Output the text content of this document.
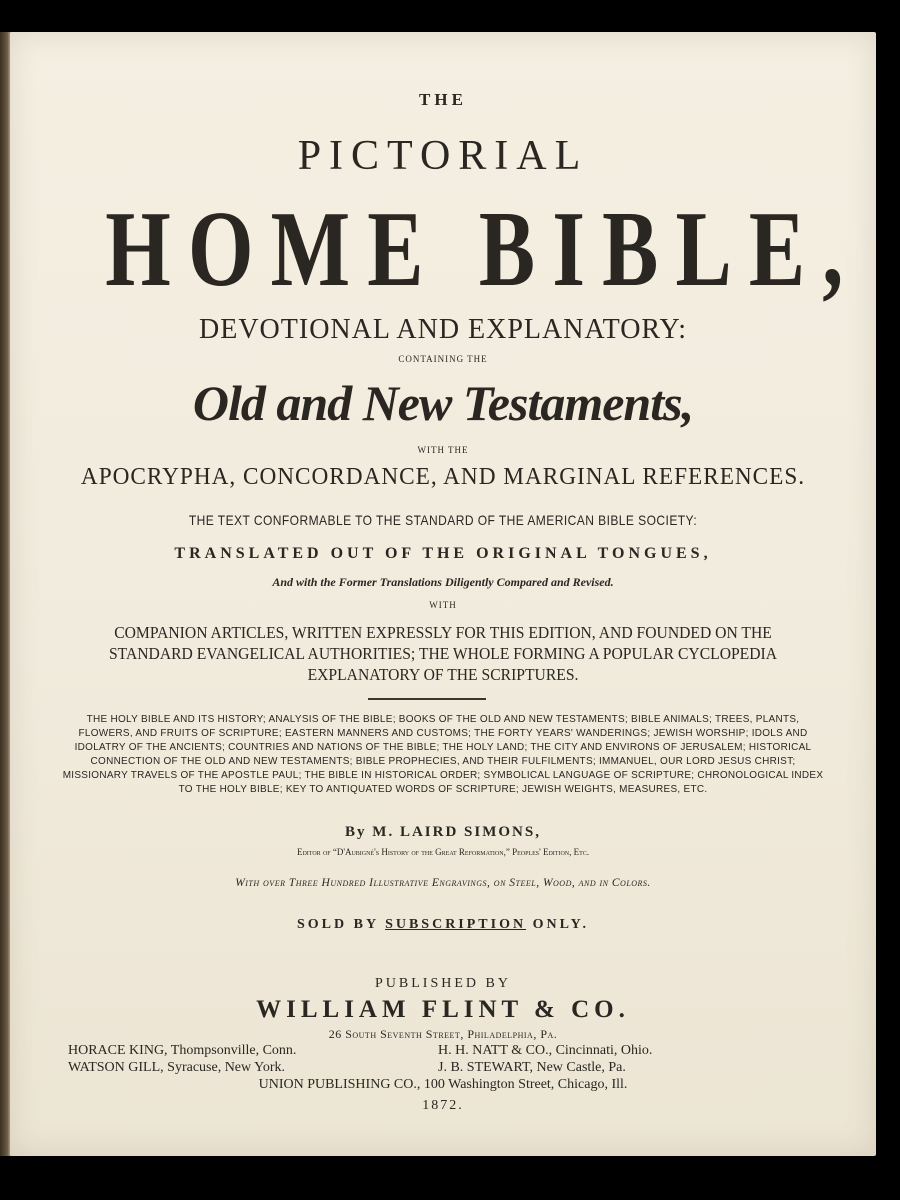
THE
PICTORIAL
HOME BIBLE,
DEVOTIONAL AND EXPLANATORY:
CONTAINING THE
Old and New Testaments,
WITH THE
APOCRYPHA, CONCORDANCE, AND MARGINAL REFERENCES.
THE TEXT CONFORMABLE TO THE STANDARD OF THE AMERICAN BIBLE SOCIETY:
TRANSLATED OUT OF THE ORIGINAL TONGUES,
And with the Former Translations Diligently Compared and Revised.
WITH
COMPANION ARTICLES, WRITTEN EXPRESSLY FOR THIS EDITION, AND FOUNDED ON THE STANDARD EVANGELICAL AUTHORITIES; THE WHOLE FORMING A POPULAR CYCLOPEDIA EXPLANATORY OF THE SCRIPTURES.
THE HOLY BIBLE AND ITS HISTORY; ANALYSIS OF THE BIBLE; BOOKS OF THE OLD AND NEW TESTAMENTS; BIBLE ANIMALS; TREES, PLANTS, FLOWERS, AND FRUITS OF SCRIPTURE; EASTERN MANNERS AND CUSTOMS; THE FORTY YEARS' WANDERINGS; JEWISH WORSHIP; IDOLS AND IDOLATRY OF THE ANCIENTS; COUNTRIES AND NATIONS OF THE BIBLE; THE HOLY LAND; THE CITY AND ENVIRONS OF JERUSALEM; HISTORICAL CONNECTION OF THE OLD AND NEW TESTAMENTS; BIBLE PROPHECIES, AND THEIR FULFILMENTS; IMMANUEL, OUR LORD JESUS CHRIST; MISSIONARY TRAVELS OF THE APOSTLE PAUL; THE BIBLE IN HISTORICAL ORDER; SYMBOLICAL LANGUAGE OF SCRIPTURE; CHRONOLOGICAL INDEX TO THE HOLY BIBLE; KEY TO ANTIQUATED WORDS OF SCRIPTURE; JEWISH WEIGHTS, MEASURES, ETC.
By M. LAIRD SIMONS,
Editor of “D'Aubigné's History of the Great Reformation,” Peoples' Edition, Etc.
With over Three Hundred Illustrative Engravings, on Steel, Wood, and in Colors.
SOLD BY SUBSCRIPTION ONLY.
PUBLISHED BY
WILLIAM FLINT & CO.
26 South Seventh Street, Philadelphia, Pa.
HORACE KING, Thompsonville, Conn.	H. H. NATT & CO., Cincinnati, Ohio.
WATSON GILL, Syracuse, New York.	J. B. STEWART, New Castle, Pa.
UNION PUBLISHING CO., 100 Washington Street, Chicago, Ill.
1872.
